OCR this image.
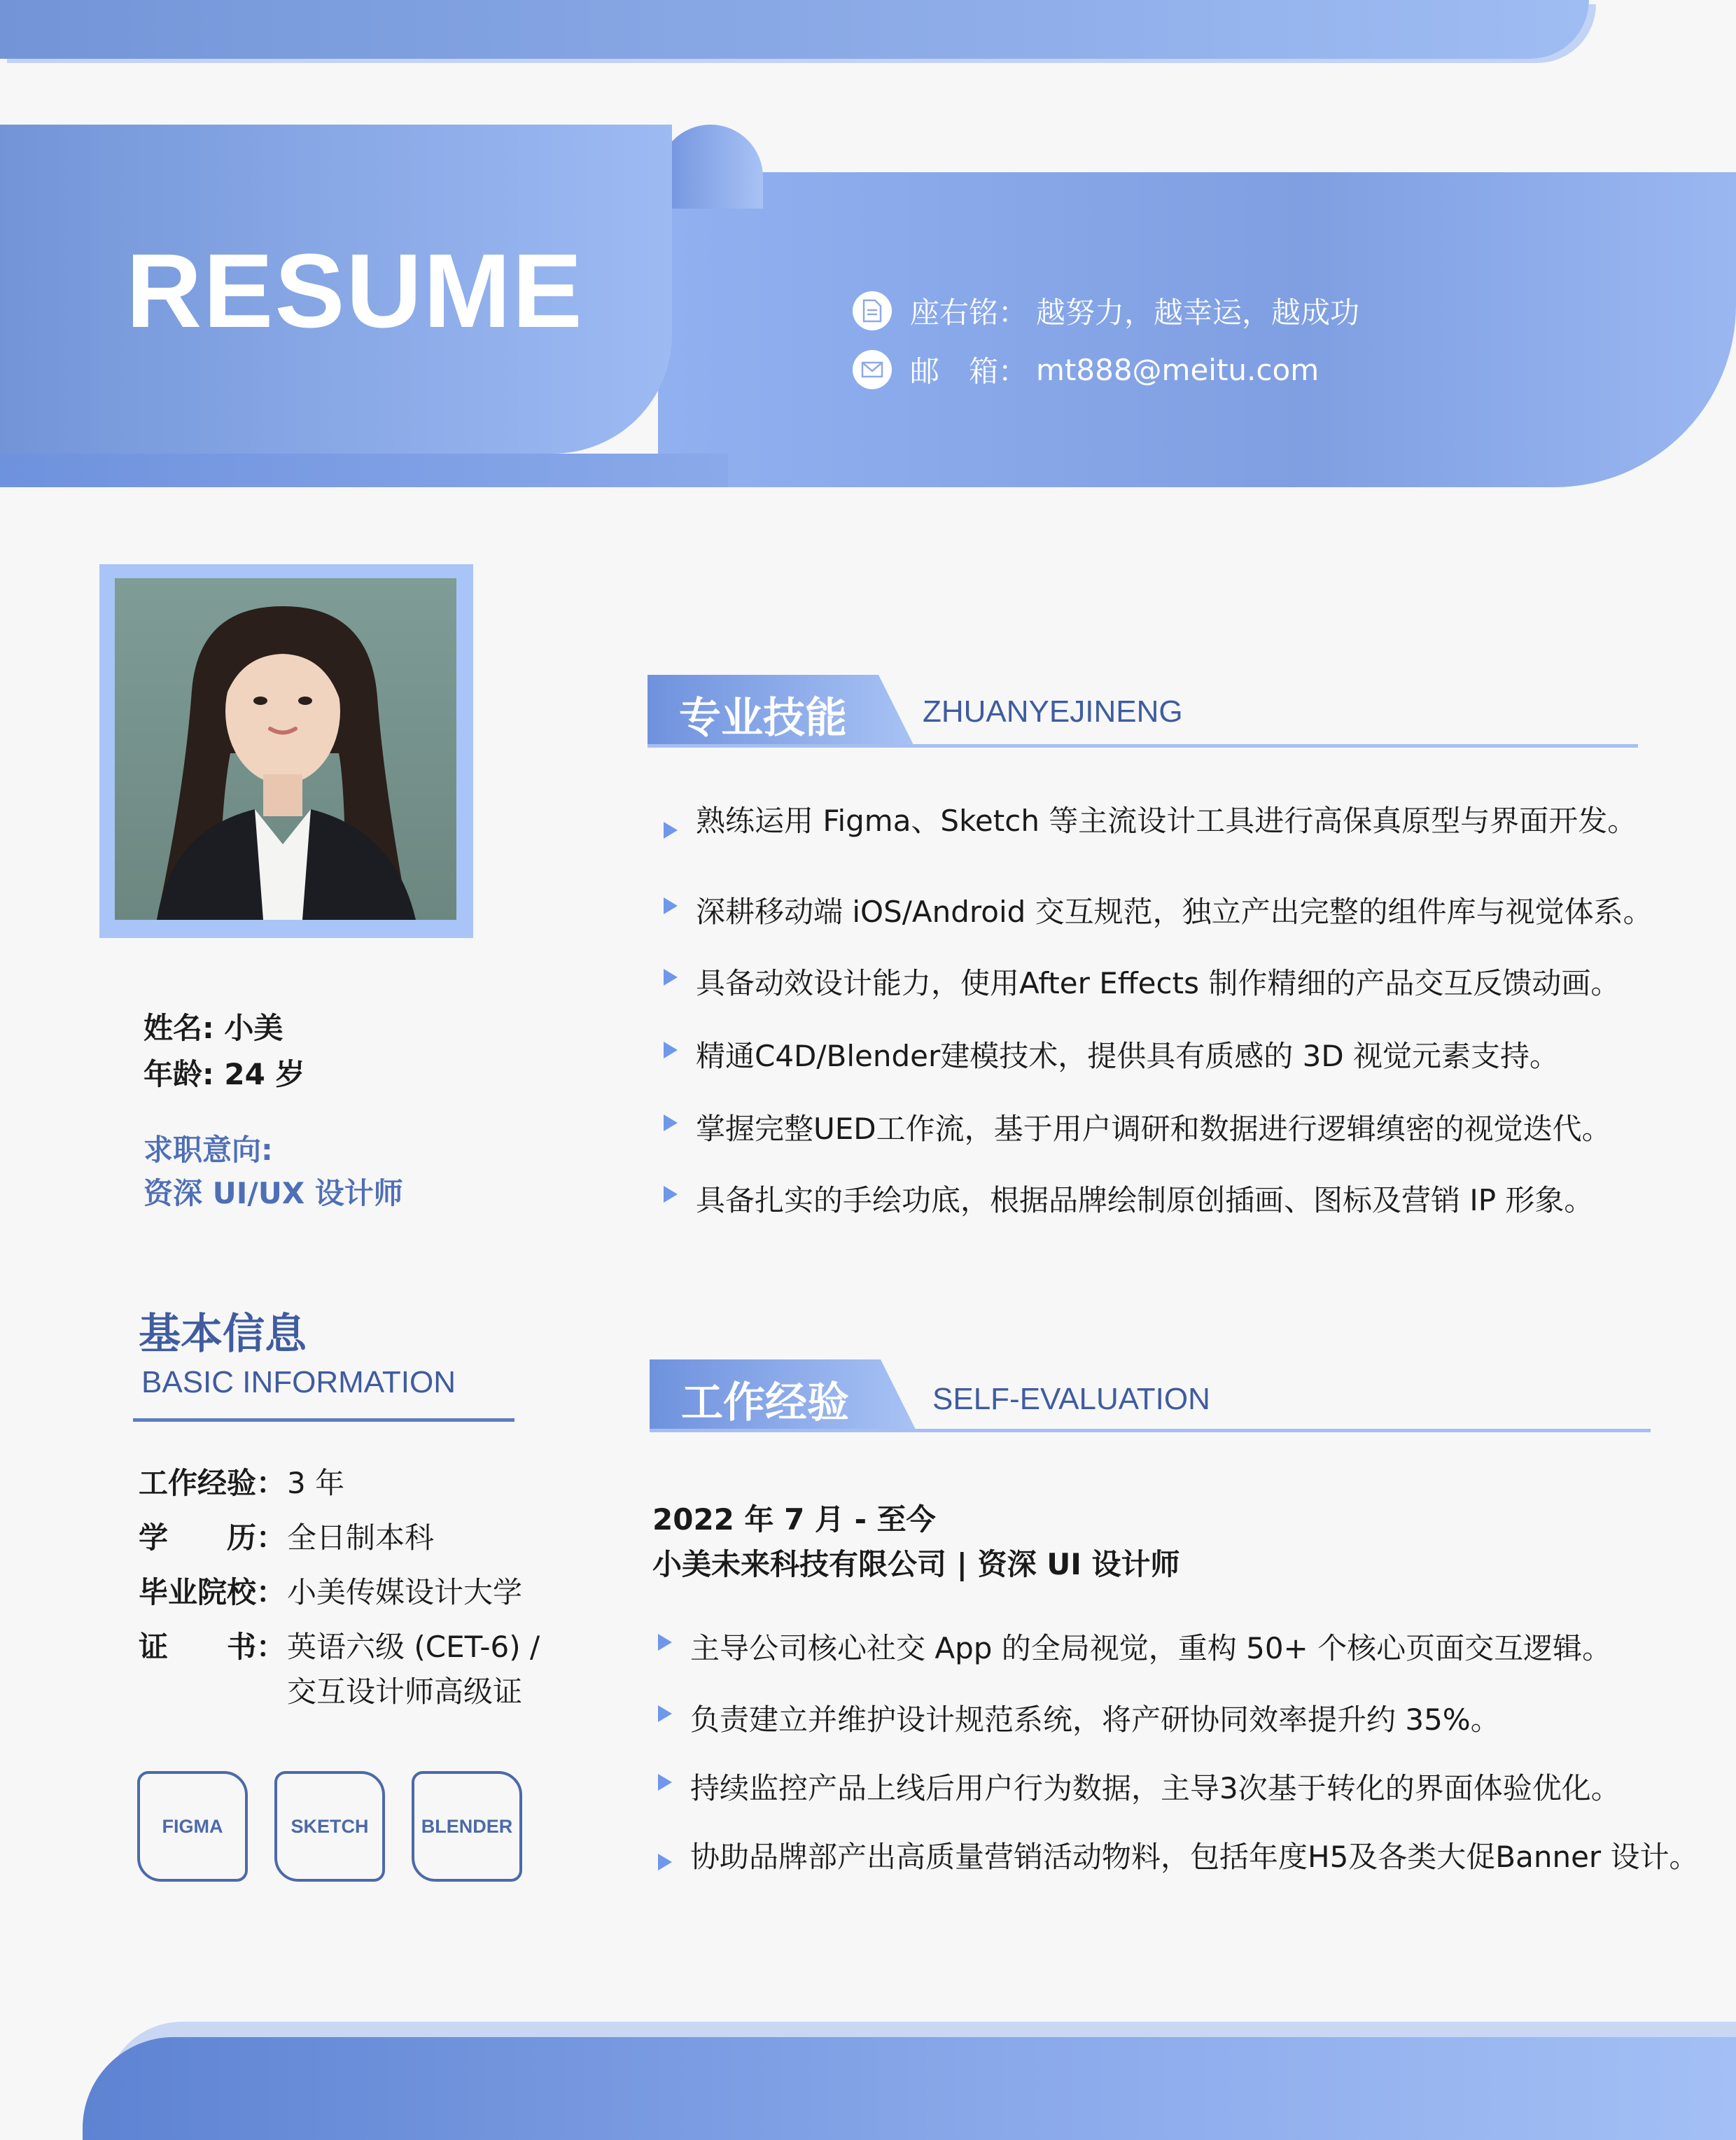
RESUME	座右铭： 越努力，越幸运，越成功
邮　箱： mt888@meitu.com
姓名: 小美
年龄: 24 岁
求职意向:
资深 UI/UX 设计师
基本信息
BASIC INFORMATION
工作经验： 3 年
学　　历： 全日制本科
毕业院校： 小美传媒设计大学
证　　书： 英语六级 (CET-6) /
交互设计师高级证
FIGMA	SKETCH	BLENDER
专业技能 ZHUANYEJINENG
熟练运用 Figma、Sketch 等主流设计工具进行高保真原型与界面开发。
深耕移动端 iOS/Android 交互规范，独立产出完整的组件库与视觉体系。
具备动效设计能力，使用After Effects 制作精细的产品交互反馈动画。
精通C4D/Blender建模技术，提供具有质感的 3D 视觉元素支持。
掌握完整UED工作流，基于用户调研和数据进行逻辑缜密的视觉迭代。
具备扎实的手绘功底，根据品牌绘制原创插画、图标及营销 IP 形象。
工作经验	SELF-EVALUATION
2022 年 7 月 - 至今
小美未来科技有限公司 | 资深 UI 设计师
主导公司核心社交 App 的全局视觉，重构 50+ 个核心页面交互逻辑。
负责建立并维护设计规范系统，将产研协同效率提升约 35%。
持续监控产品上线后用户行为数据，主导3次基于转化的界面体验优化。
协助品牌部产出高质量营销活动物料，包括年度H5及各类大促Banner 设计。
